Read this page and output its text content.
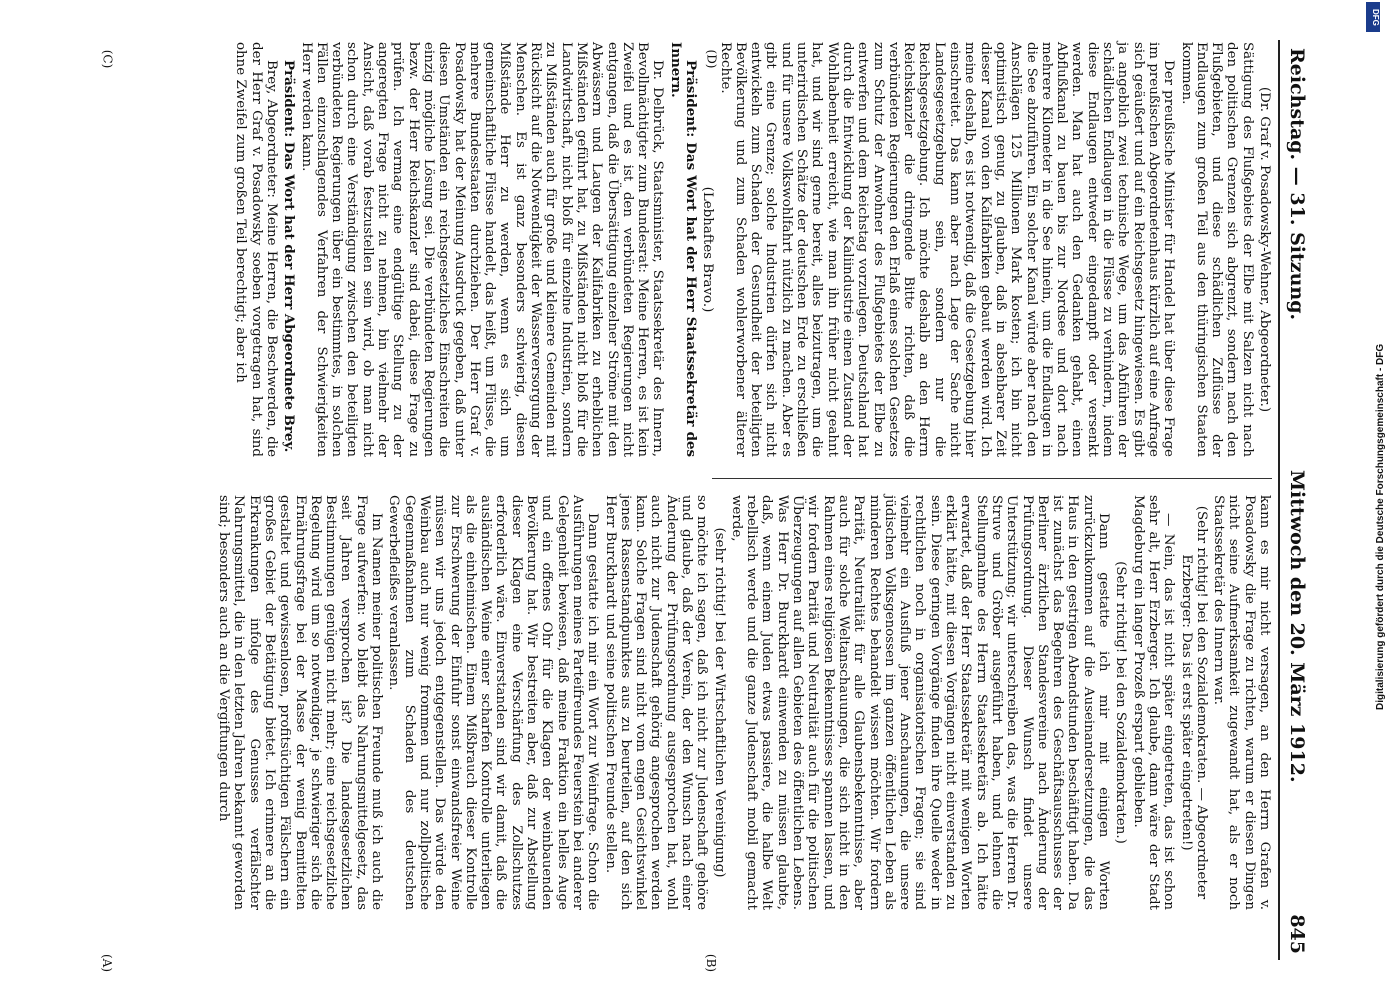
Reichstag. — 31. Sitzung.
Mittwoch den 20. März 1912.
845

(Dr. Graf v. Posadowsky-Wehner, Abgeordneter.)

Sättigung des Flußgebiets der Elbe mit Salzen nicht nach den politischen Grenzen sich abgrenzt, sondern nach den Flußgebieten, und diese schädlichen Zuflüsse der Endlaugen zum großen Teil aus den thüringischen Staaten kommen.

Der preußische Minister für Handel hat über diese Frage im preußischen Abgeordnetenhaus kürzlich auf eine Anfrage sich geäußert und auf ein Reichsgesetz hingewiesen. Es gibt ja angeblich zwei technische Wege, um das Abführen der schädlichen Endlaugen in die Flüsse zu verhindern, indem diese Endlaugen entweder eingedampft oder versenkt werden. Man hat auch den Gedanken gehabt, einen Abflußkanal zu bauen bis zur Nordsee und dort nach mehrere Kilometer in die See hinein, um die Endlaugen in die See abzuführen. Ein solcher Kanal würde aber nach den Anschlägen 125 Millionen Mark kosten; ich bin nicht optimistisch genug, zu glauben, daß in absehbarer Zeit dieser Kanal von den Kalifabriken gebaut werden wird. Ich meine deshalb, es ist notwendig, daß die Gesetzgebung hier einschreitet. Das kann aber nach Lage der Sache nicht Landesgesetzgebung sein, sondern nur die Reichsgesetzgebung. Ich möchte deshalb an den Herrn Reichskanzler die dringende Bitte richten, daß die verbündeten Regierungen den Erlaß eines solchen Gesetzes zum Schutz der Anwohner des Flußgebietes der Elbe zu entwerfen und dem Reichstag vorzulegen. Deutschland hat durch die Entwicklung der Kaliindustrie einen Zustand der Wohlhabenheit erreicht, wie man ihn früher nicht geahnt hat, und wir sind gerne bereit, alles beizutragen, um die unterirdischen Schätze der deutschen Erde zu erschließen und für unsere Volkswohlfahrt nützlich zu machen. Aber es gibt eine Grenze; solche Industrien dürfen sich nicht entwickeln zum Schaden der Gesundheit der beteiligten Bevölkerung und zum Schaden wohlerworbener älterer Rechte.

(Lebhaftes Bravo.)

Präsident: Das Wort hat der Herr Staatssekretär des Innern.

Dr. Delbrück, Staatsminister, Staatssekretär des Innern, Bevollmächtigter zum Bundesrat: Meine Herren, es ist kein Zweifel und es ist den verbündeten Regierungen nicht entgangen, daß die Übersättigung einzelner Ströme mit den Abwässern und Laugen der Kalifabriken zu erheblichen Mißständen geführt hat, zu Mißständen nicht bloß für die Landwirtschaft, nicht bloß für einzelne Industrien, sondern zu Mißständen auch für große und kleinere Gemeinden mit Rücksicht auf die Notwendigkeit der Wasserversorgung der Menschen. Es ist ganz besonders schwierig, diesen Mißstände Herr zu werden, wenn es sich um gemeinschaftliche Flüsse handelt, das heißt, um Flüsse, die mehrere Bundesstaaten durchziehen. Der Herr Graf v. Posadowsky hat der Meinung Ausdruck gegeben, daß unter diesen Umständen ein reichsgesetzliches Einschreiten die einzig mögliche Lösung sei. Die verbündeten Regierungen bezw. der Herr Reichskanzler sind dabei, diese Frage zu prüfen. Ich vermag eine endgültige Stellung zu der angeregten Frage nicht zu nehmen, bin vielmehr der Ansicht, daß vorab festzustellen sein wird, ob man nicht schon durch eine Verständigung zwischen den beteiligten verbündeten Regierungen über ein bestimmtes, in solchen Fällen einzuschlagendes Verfahren der Schwierigkeiten Herr werden kann.

Präsident: Das Wort hat der Herr Abgeordnete Brey.

Brey, Abgeordneter: Meine Herren, die Beschwerden, die der Herr Graf v. Posadowsky soeben vorgetragen hat, sind ohne Zweifel zum großen Teil berechtigt; aber ich

kann es mir nicht versagen, an den Herrn Grafen v. Posadowsky die Frage zu richten, warum er diesen Dingen nicht seine Aufmerksamkeit zugewandt hat, als er noch Staatssekretär des Innern war.

(Sehr richtig! bei den Sozialdemokraten. — Abgeordneter Erzberger: Das ist erst später eingetreten!)

— Nein, das ist nicht später eingetreten, das ist schon sehr alt, Herr Erzberger. Ich glaube, dann wäre der Stadt Magdeburg ein langer Prozeß erspart geblieben.

(Sehr richtig! bei den Sozialdemokraten.)

Dann gestatte ich mir mit einigen Worten zurückzukommen auf die Auseinandersetzungen, die das Haus in den gestrigen Abendstunden beschäftigt haben. Da ist zunächst das Begehren des Geschäftsausschusses der Berliner ärztlichen Standesvereine nach Änderung der Prüfungsordnung. Dieser Wunsch findet unsere Unterstützung; wir unterschreiben das, was die Herren Dr. Struve und Gröber ausgeführt haben, und lehnen die Stellungnahme des Herrn Staatssekretärs ab. Ich hätte erwartet, daß der Herr Staatssekretär mit wenigen Worten erklärt hätte, mit diesen Vorgängen nicht einverstanden zu sein. Diese geringen Vorgänge finden ihre Quelle weder in rechtlichen noch in organisatorischen Fragen; sie sind vielmehr ein Ausfluß jener Anschauungen, die unsere jüdischen Volksgenossen im ganzen öffentlichen Leben als minderen Rechtes behandelt wissen möchten. Wir fordern Parität, Neutralität für alle Glaubensbekenntnisse, aber auch für solche Weltanschauungen, die sich nicht in den Rahmen eines religiösen Bekenntnisses spannen lassen, und wir fordern Parität und Neutralität auch für die politischen Überzeugungen auf allen Gebieten des öffentlichen Lebens. Was Herr Dr. Burckhardt einwenden zu müssen glaubte, daß, wenn einem Juden etwas passiere, die halbe Welt rebellisch werde und die ganze Judenschaft mobil gemacht werde,

(sehr richtig! bei der Wirtschaftlichen Vereinigung)

so möchte ich sagen, daß ich nicht zur Judenschaft gehöre und glaube, daß der Verein, der den Wunsch nach einer Änderung der Prüfungsordnung ausgesprochen hat, wohl auch nicht zur Judenschaft gehörig angesprochen werden kann. Solche Fragen sind nicht vom engen Gesichtswinkel jenes Rassenstandpunktes aus zu beurteilen, auf den sich Herr Burckhardt und seine politischen Freunde stellen.

Dann gestatte ich mir ein Wort zur Weinfrage. Schon die Ausführungen meines Parteifreundes Feuerstein bei anderer Gelegenheit bewiesen, daß meine Fraktion ein helles Auge und ein offenes Ohr für die Klagen der weinbauenden Bevölkerung hat. Wir bestreiten aber, daß zur Abstellung dieser Klagen eine Verschärfung des Zollschutzes erforderlich wäre. Einverstanden sind wir damit, daß die ausländischen Weine einer scharfen Kontrolle unterliegen als die einheimischen. Einem Mißbrauch dieser Kontrolle zur Erschwerung der Einfuhr sonst einwandsfreier Weine müssen wir uns jedoch entgegenstellen. Das würde den Weinbau auch nur wenig frommen und nur zollpolitische Gegenmaßnahmen zum Schaden des deutschen Gewerbefleißes veranlassen.

Im Namen meiner politischen Freunde muß ich auch die Frage aufwerfen: wo bleibt das Nahrungsmittelgesetz, das seit Jahren versprochen ist? Die landesgesetzlichen Bestimmungen genügen nicht mehr; eine reichsgesetzliche Regelung wird um so notwendiger, je schwieriger sich die Ernährungsfrage bei der Masse der wenig Bemittelten gestaltet und gewissenlosen, profitsüchtigen Fälschern ein großes Gebiet der Betätigung bietet. Ich erinnere an die Erkrankungen infolge des Genusses verfälschter Nahrungsmittel, die in den letzten Jahren bekannt geworden sind; besonders auch an die Vergiftungen durch

(A)	(B)
(C)	(D)
DFG
Digitalisierung gefördert durch die Deutsche Forschungsgemeinschaft - DFG
